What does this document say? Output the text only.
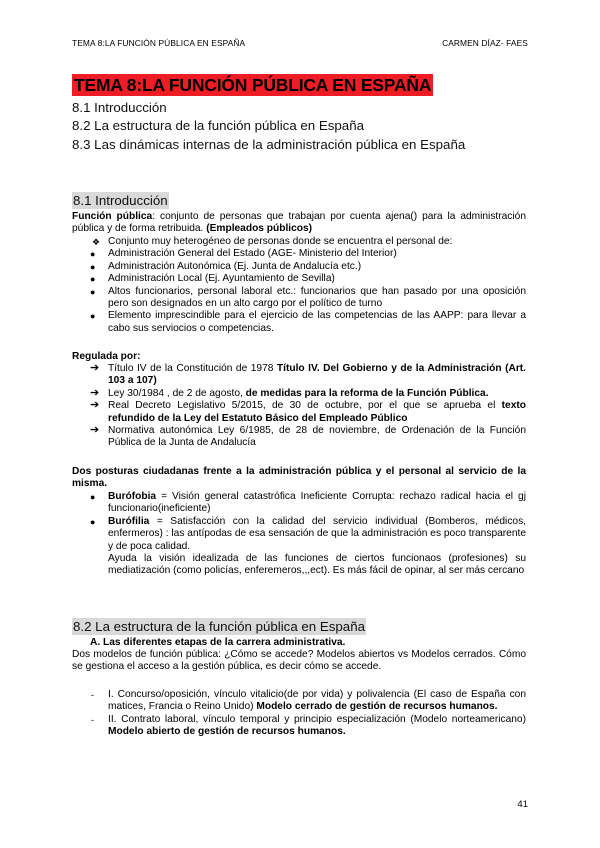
TEMA 8:LA FUNCIÓN PÚBLICA EN ESPAÑA	CARMEN DÍAZ- FAES
TEMA 8:LA FUNCIÓN PÚBLICA EN ESPAÑA
8.1 Introducción
8.2 La estructura de la función pública en España
8.3 Las dinámicas internas de la administración pública en España
8.1 Introducción
Función pública: conjunto de personas que trabajan por cuenta ajena() para la administración pública y de forma retribuida. (Empleados públicos)
❖ Conjunto muy heterogéneo de personas donde se encuentra el personal de:
● Administración General del Estado (AGE- Ministerio del Interior)
● Administración Autonómica (Ej. Junta de Andalucía etc.)
● Administración Local (Ej. Ayuntamiento de Sevilla)
● Altos funcionarios, personal laboral etc.: funcionarios que han pasado por una oposición pero son designados en un alto cargo por el político de turno
● Elemento imprescindible para el ejercicio de las competencias de las AAPP: para llevar a cabo sus serviocios o competencias.
Regulada por:
➔ Título IV de la Constitución de 1978 Título IV. Del Gobierno y de la Administración (Art. 103 a 107)
➔ Ley 30/1984 , de 2 de agosto, de medidas para la reforma de la Función Pública.
➔ Real Decreto Legislativo 5/2015, de 30 de octubre, por el que se aprueba el texto refundido de la Ley del Estatuto Básico del Empleado Público
➔ Normativa autonómica Ley 6/1985, de 28 de noviembre, de Ordenación de la Función Pública de la Junta de Andalucía
Dos posturas ciudadanas frente a la administración pública y el personal al servicio de la misma.
● Burófobia = Visión general catastrófica Ineficiente Corrupta: rechazo radical hacia el gj funcionario(ineficiente)
● Burófilia = Satisfacción con la calidad del servicio individual (Bomberos, médicos, enfermeros) : las antípodas de esa sensación de que la administración es poco transparente y de poca calidad.
Ayuda la visión idealizada de las funciones de ciertos funcionaos (profesiones) su mediatización (como policías, enferemeros,,,ect). Es más fácil de opinar, al ser más cercano
8.2 La estructura de la función pública en España
A. Las diferentes etapas de la carrera administrativa.
Dos modelos de función pública: ¿Cómo se accede? Modelos abiertos vs Modelos cerrados. Cómo se gestiona el acceso a la gestión pública, es decir cómo se accede.
- I. Concurso/oposición, vínculo vitalicio(de por vida) y polivalencia (El caso de España con matices, Francia o Reino Unido) Modelo cerrado de gestión de recursos humanos.
- II. Contrato laboral, vínculo temporal y principio especialización (Modelo norteamericano) Modelo abierto de gestión de recursos humanos.
41
